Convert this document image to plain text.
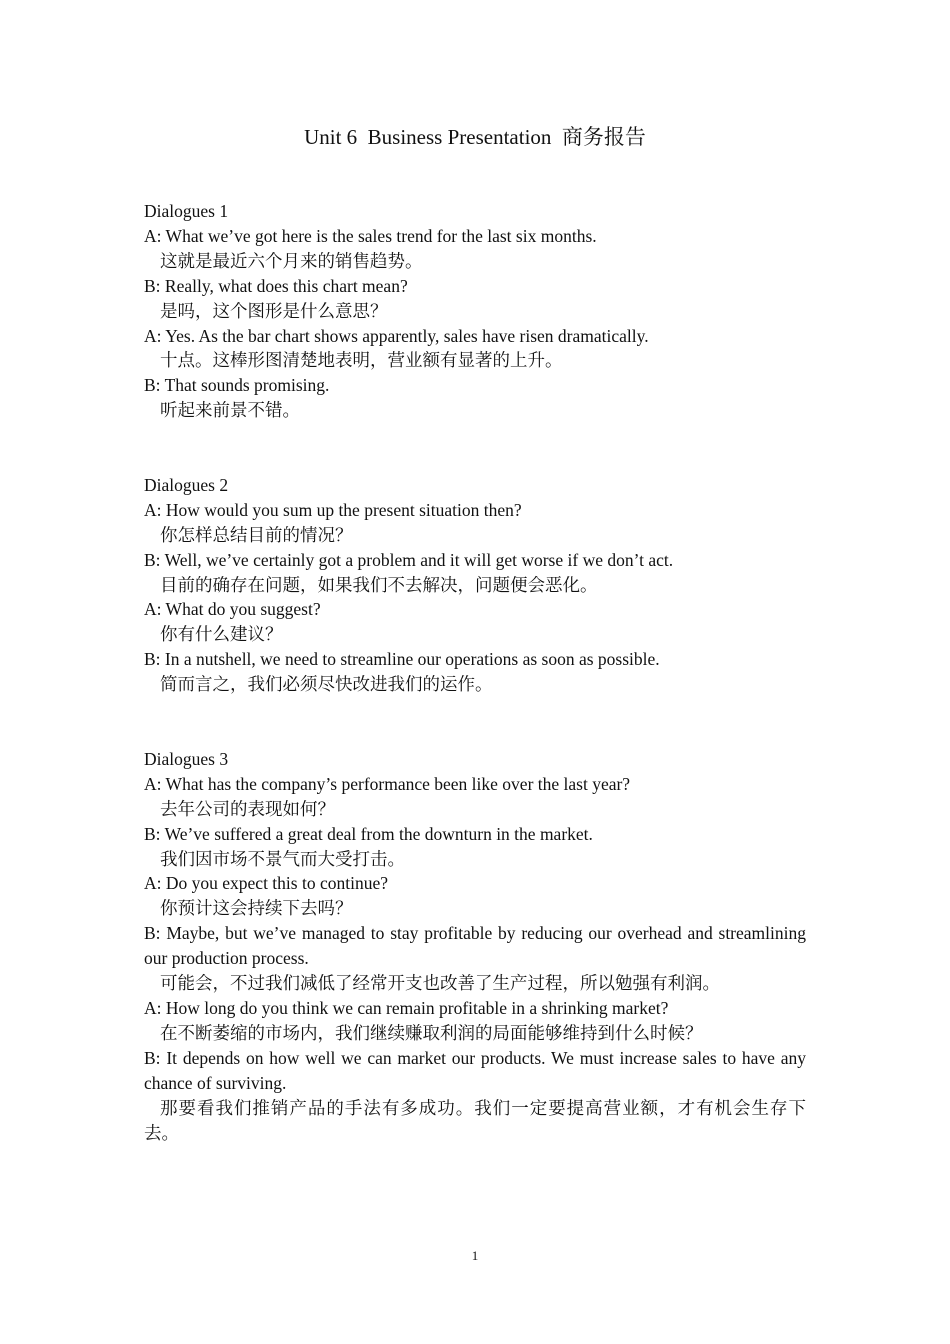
Unit 6  Business Presentation  商务报告

Dialogues 1

A: What we’ve got here is the sales trend for the last six months.

这就是最近六个月来的销售趋势。

B: Really, what does this chart mean?

是吗，这个图形是什么意思？

A: Yes. As the bar chart shows apparently, sales have risen dramatically.

十点。这棒形图清楚地表明，营业额有显著的上升。

B: That sounds promising.

听起来前景不错。

Dialogues 2

A: How would you sum up the present situation then?

你怎样总结目前的情况？

B: Well, we’ve certainly got a problem and it will get worse if we don’t act.

目前的确存在问题，如果我们不去解决，问题便会恶化。

A: What do you suggest?

你有什么建议？

B: In a nutshell, we need to streamline our operations as soon as possible.

简而言之，我们必须尽快改进我们的运作。

Dialogues 3

A: What has the company’s performance been like over the last year?

去年公司的表现如何？

B: We’ve suffered a great deal from the downturn in the market.

我们因市场不景气而大受打击。

A: Do you expect this to continue?

你预计这会持续下去吗？

B: Maybe, but we’ve managed to stay profitable by reducing our overhead and streamlining our production process.

可能会，不过我们减低了经常开支也改善了生产过程，所以勉强有利润。

A: How long do you think we can remain profitable in a shrinking market?

在不断萎缩的市场内，我们继续赚取利润的局面能够维持到什么时候？

B: It depends on how well we can market our products. We must increase sales to have any chance of surviving.

那要看我们推销产品的手法有多成功。我们一定要提高营业额，才有机会生存下去。

1
